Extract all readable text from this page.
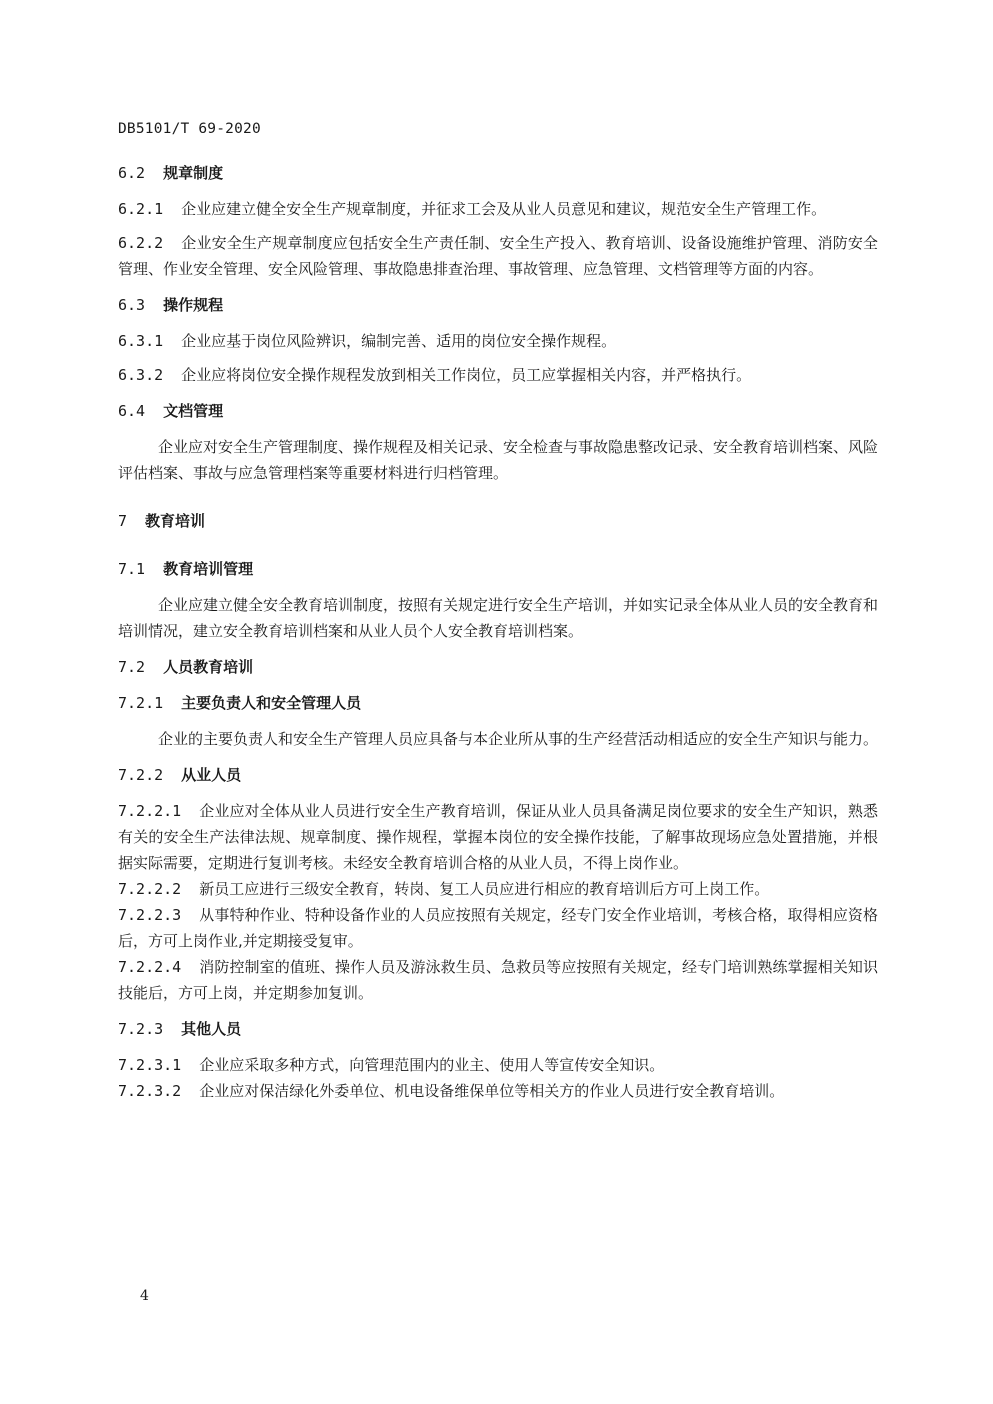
DB5101/T 69-2020

6.2 规章制度

6.2.1 企业应建立健全安全生产规章制度，并征求工会及从业人员意见和建议，规范安全生产管理工作。

6.2.2 企业安全生产规章制度应包括安全生产责任制、安全生产投入、教育培训、设备设施维护管理、消防安全管理、作业安全管理、安全风险管理、事故隐患排查治理、事故管理、应急管理、文档管理等方面的内容。

6.3 操作规程

6.3.1 企业应基于岗位风险辨识，编制完善、适用的岗位安全操作规程。

6.3.2 企业应将岗位安全操作规程发放到相关工作岗位，员工应掌握相关内容，并严格执行。

6.4 文档管理

企业应对安全生产管理制度、操作规程及相关记录、安全检查与事故隐患整改记录、安全教育培训档案、风险评估档案、事故与应急管理档案等重要材料进行归档管理。

7 教育培训

7.1 教育培训管理

企业应建立健全安全教育培训制度，按照有关规定进行安全生产培训，并如实记录全体从业人员的安全教育和培训情况，建立安全教育培训档案和从业人员个人安全教育培训档案。

7.2 人员教育培训

7.2.1 主要负责人和安全管理人员

企业的主要负责人和安全生产管理人员应具备与本企业所从事的生产经营活动相适应的安全生产知识与能力。

7.2.2 从业人员

7.2.2.1 企业应对全体从业人员进行安全生产教育培训，保证从业人员具备满足岗位要求的安全生产知识，熟悉有关的安全生产法律法规、规章制度、操作规程，掌握本岗位的安全操作技能，了解事故现场应急处置措施，并根据实际需要，定期进行复训考核。未经安全教育培训合格的从业人员，不得上岗作业。

7.2.2.2 新员工应进行三级安全教育，转岗、复工人员应进行相应的教育培训后方可上岗工作。

7.2.2.3 从事特种作业、特种设备作业的人员应按照有关规定，经专门安全作业培训，考核合格，取得相应资格后，方可上岗作业,并定期接受复审。

7.2.2.4 消防控制室的值班、操作人员及游泳救生员、急救员等应按照有关规定，经专门培训熟练掌握相关知识技能后，方可上岗，并定期参加复训。

7.2.3 其他人员

7.2.3.1 企业应采取多种方式，向管理范围内的业主、使用人等宣传安全知识。

7.2.3.2 企业应对保洁绿化外委单位、机电设备维保单位等相关方的作业人员进行安全教育培训。

4
